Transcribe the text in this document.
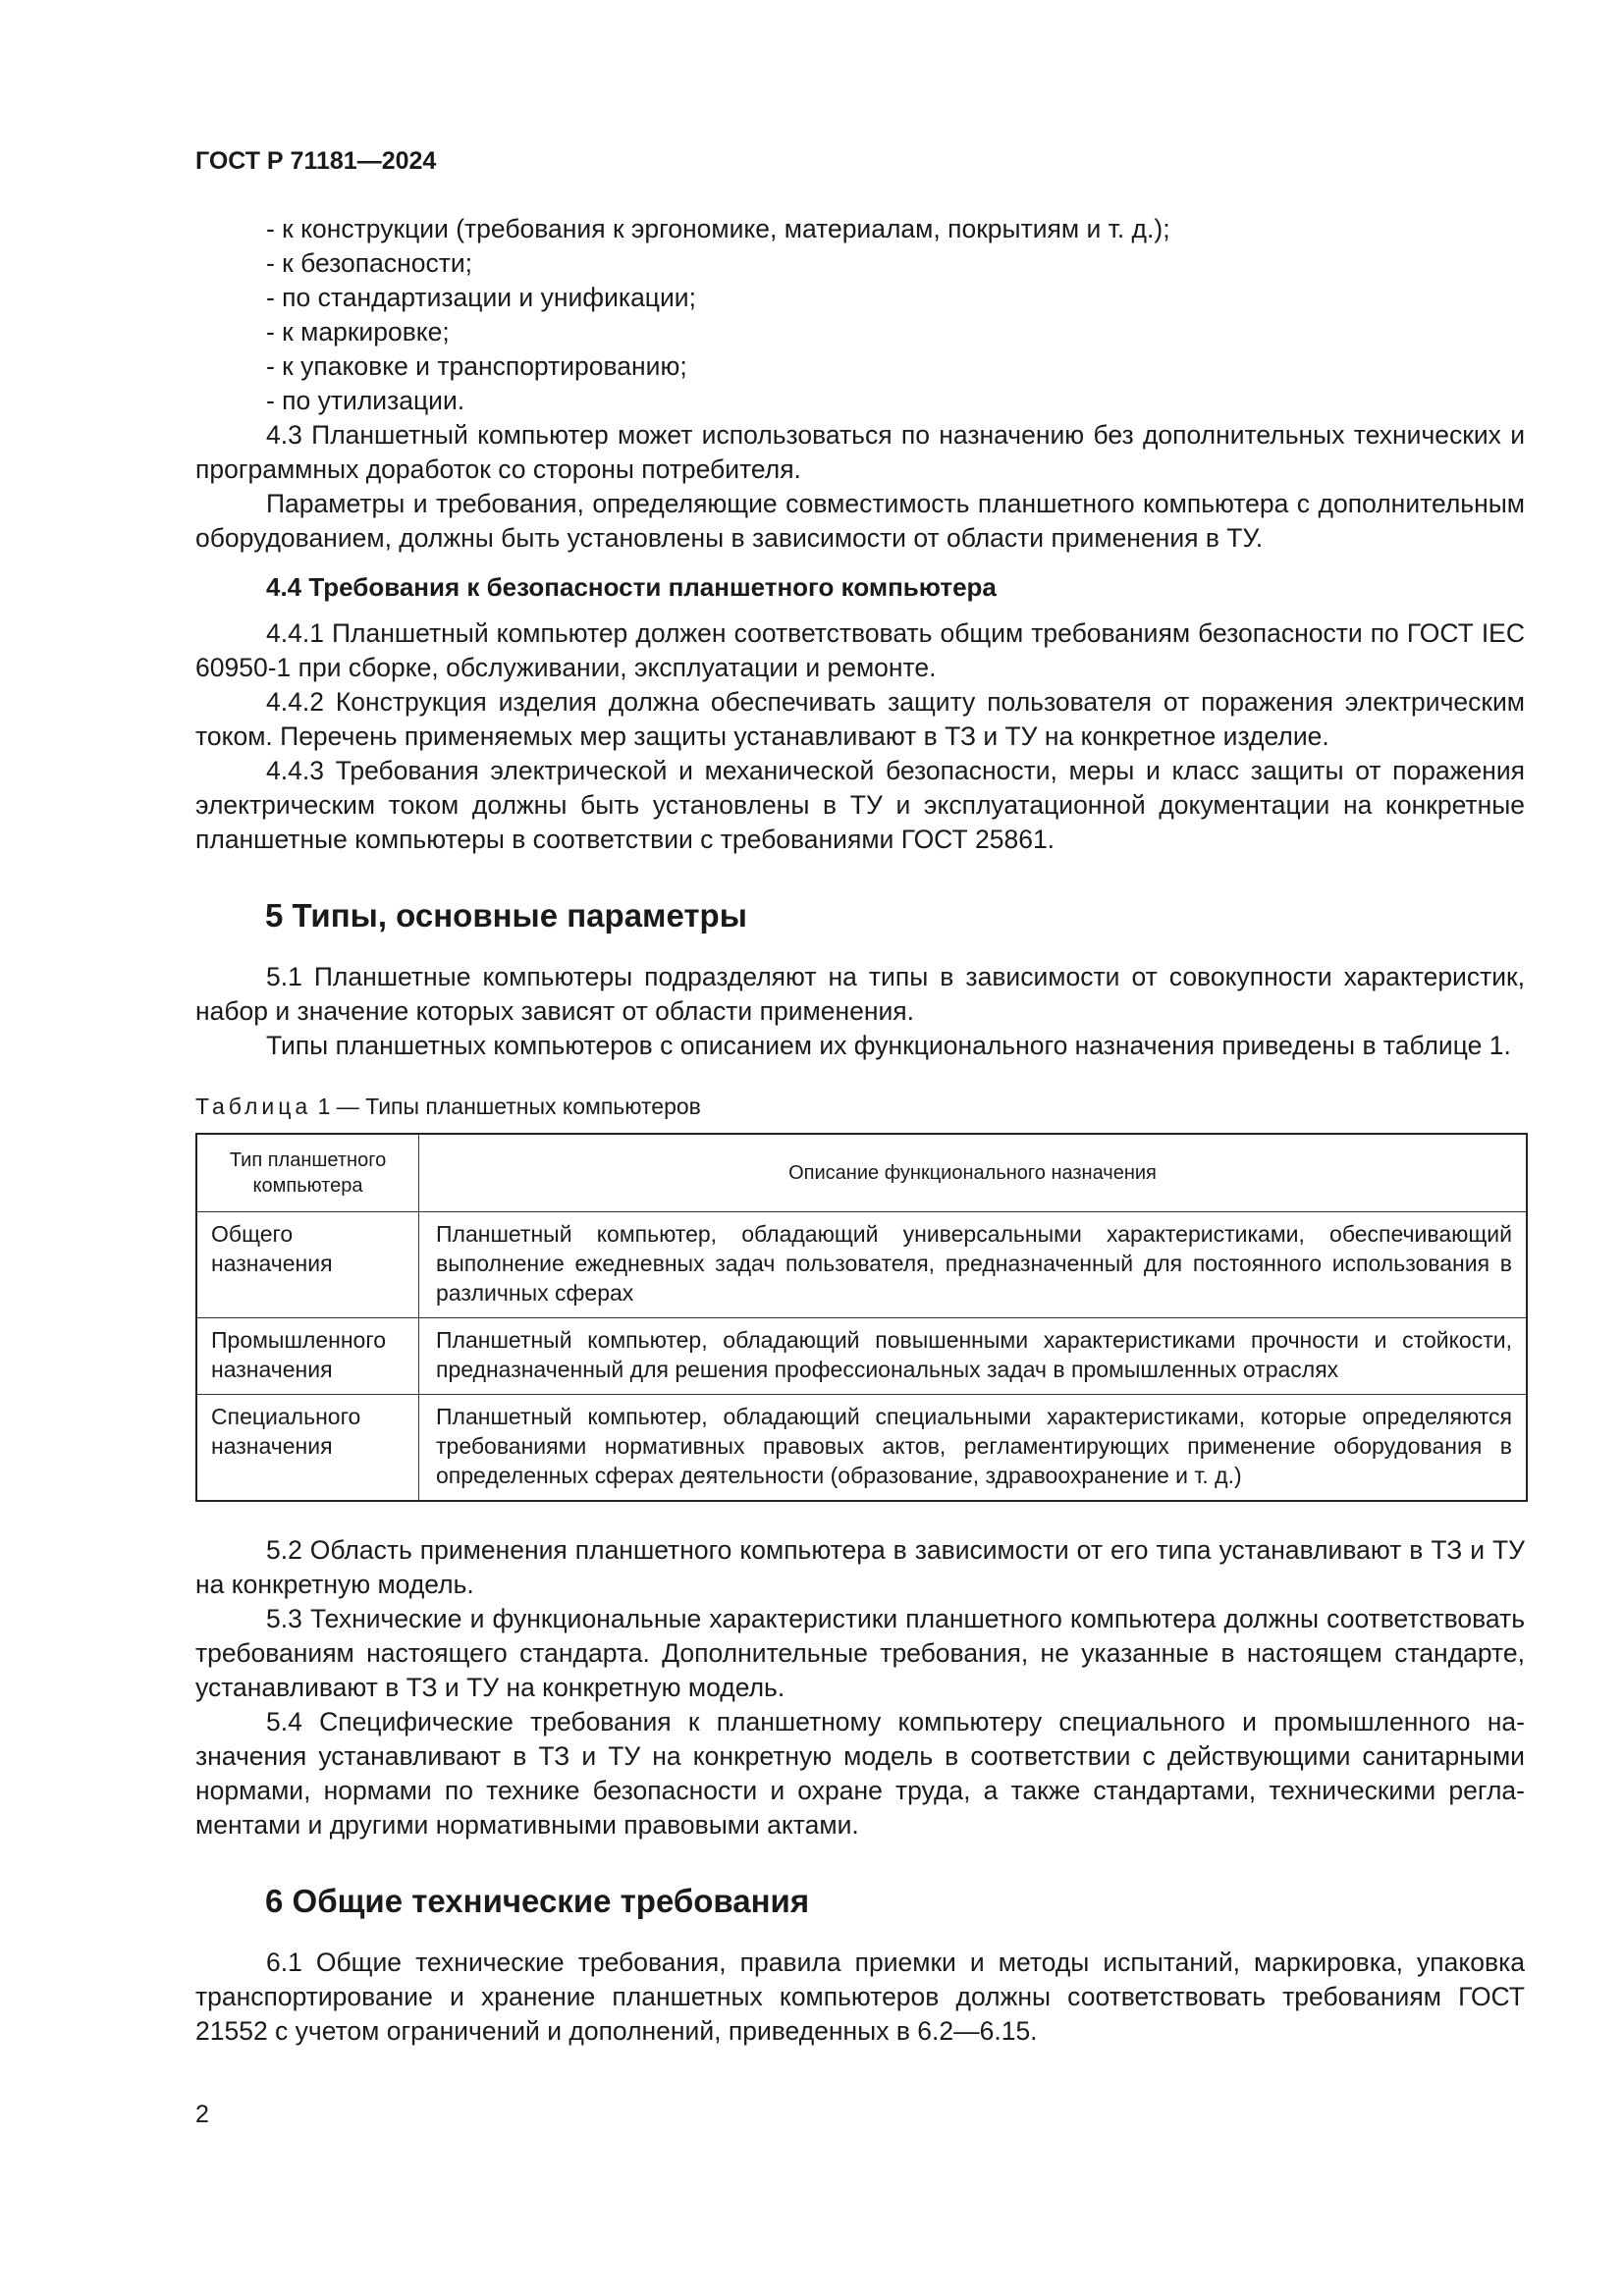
ГОСТ Р 71181—2024

- к конструкции (требования к эргономике, материалам, покрытиям и т. д.);

- к безопасности;

- по стандартизации и унификации;

- к маркировке;

- к упаковке и транспортированию;

- по утилизации.

4.3 Планшетный компьютер может использоваться по назначению без дополнительных технических и программных доработок со стороны потребителя.

Параметры и требования, определяющие совместимость планшетного компьютера с дополнительным оборудованием, должны быть установлены в зависимости от области применения в ТУ.

4.4 Требования к безопасности планшетного компьютера

4.4.1 Планшетный компьютер должен соответствовать общим требованиям безопасности по ГОСТ IEC 60950-1 при сборке, обслуживании, эксплуатации и ремонте.

4.4.2 Конструкция изделия должна обеспечивать защиту пользователя от поражения электрическим током. Перечень применяемых мер защиты устанавливают в ТЗ и ТУ на конкретное изделие.

4.4.3 Требования электрической и механической безопасности, меры и класс защиты от поражения электрическим током должны быть установлены в ТУ и эксплуатационной документации на конкретные планшетные компьютеры в соответствии с требованиями ГОСТ 25861.

5 Типы, основные параметры

5.1 Планшетные компьютеры подразделяют на типы в зависимости от совокупности характеристик, набор и значение которых зависят от области применения.

Типы планшетных компьютеров с описанием их функционального назначения приведены в таблице 1.

Таблица 1 — Типы планшетных компьютеров
Тип планшетного компьютера	Описание функционального назначения
Общего назначения	Планшетный компьютер, обладающий универсальными характеристиками, обеспечивающий выполнение ежедневных задач пользователя, предназначенный для постоянного использования в различных сферах
Промышленного назначения	Планшетный компьютер, обладающий повышенными характеристиками прочности и стойкости, предназначенный для решения профессиональных задач в промышленных отраслях
Специального назначения	Планшетный компьютер, обладающий специальными характеристиками, которые определяются требованиями нормативных правовых актов, регламентирующих применение оборудования в определенных сферах деятельности (образование, здравоохранение и т. д.)

5.2 Область применения планшетного компьютера в зависимости от его типа устанавливают в ТЗ и ТУ на конкретную модель.

5.3 Технические и функциональные характеристики планшетного компьютера должны соответствовать требованиям настоящего стандарта. Дополнительные требования, не указанные в настоящем стандарте, устанавливают в ТЗ и ТУ на конкретную модель.

5.4 Специфические требования к планшетному компьютеру специального и промышленного назначения устанавливают в ТЗ и ТУ на конкретную модель в соответствии с действующими санитарными нормами, нормами по технике безопасности и охране труда, а также стандартами, техническими регламентами и другими нормативными правовыми актами.

6 Общие технические требования

6.1 Общие технические требования, правила приемки и методы испытаний, маркировка, упаковка транспортирование и хранение планшетных компьютеров должны соответствовать требованиям ГОСТ 21552 с учетом ограничений и дополнений, приведенных в 6.2—6.15.

2
